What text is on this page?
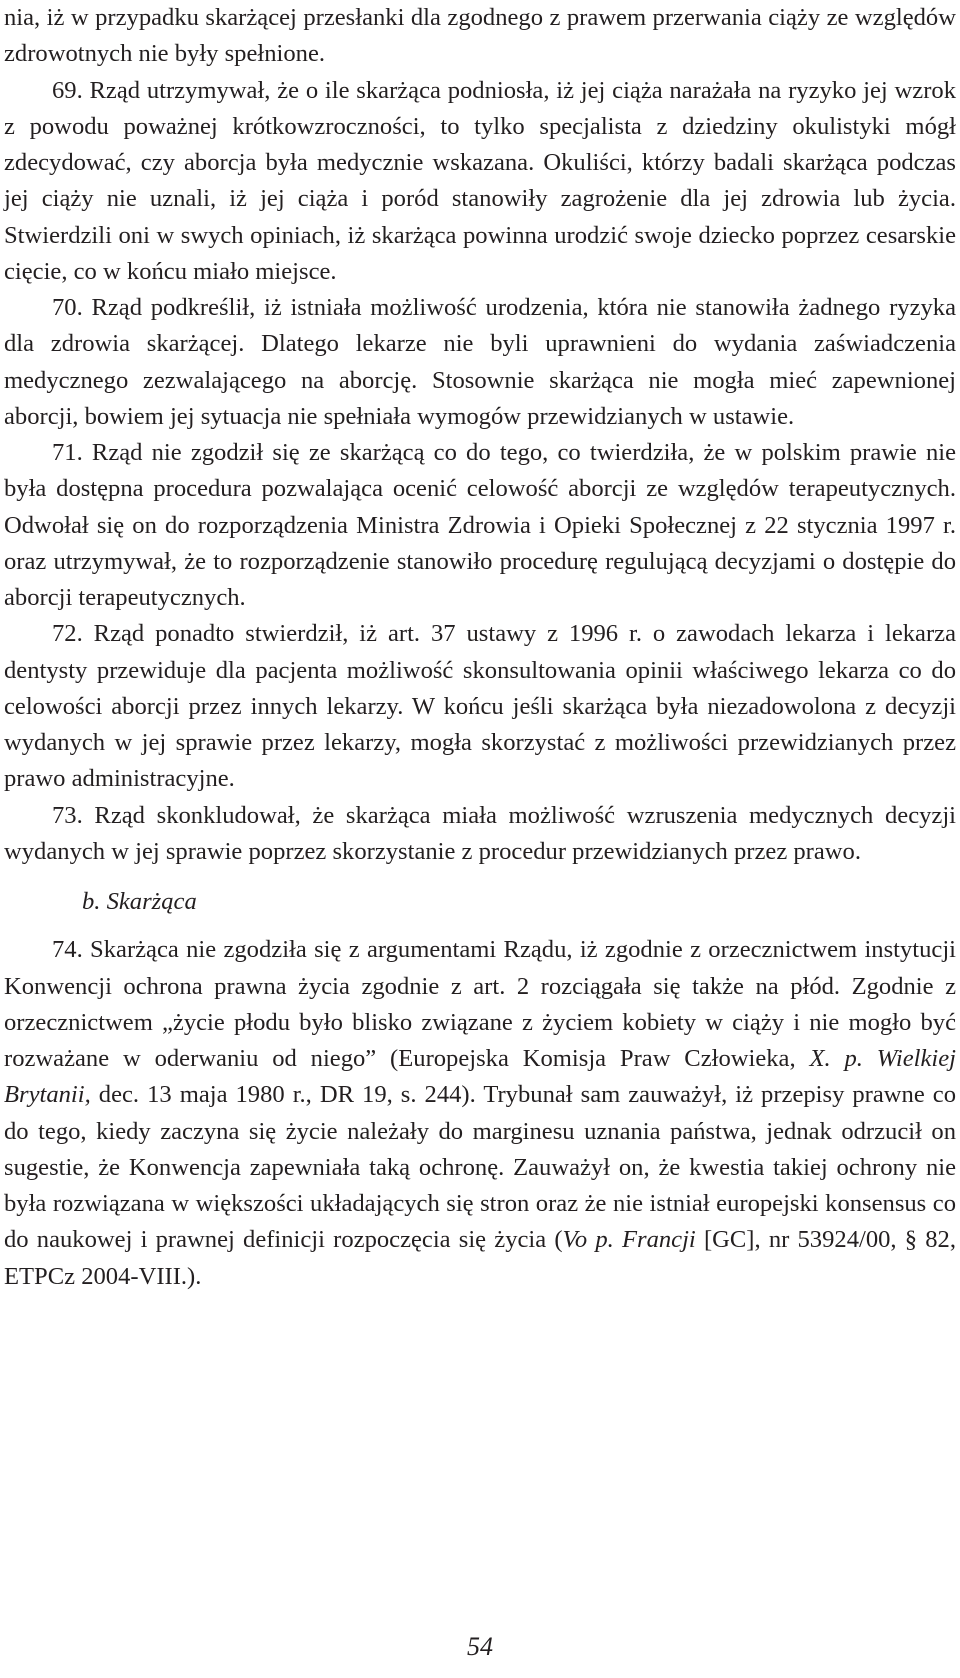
nia, iż w przypadku skarżącej przesłanki dla zgodnego z prawem przerwania ciąży ze względów zdrowotnych nie były spełnione.

69. Rząd utrzymywał, że o ile skarżąca podniosła, iż jej ciąża narażała na ryzyko jej wzrok z powodu poważnej krótkowzroczności, to tylko specjalista z dziedziny okulistyki mógł zdecydować, czy aborcja była medycznie wskazana. Okuliści, którzy badali skarżąca podczas jej ciąży nie uznali, iż jej ciąża i poród stanowiły zagrożenie dla jej zdrowia lub życia. Stwierdzili oni w swych opiniach, iż skarżąca powinna urodzić swoje dziecko poprzez cesarskie cięcie, co w końcu miało miejsce.

70. Rząd podkreślił, iż istniała możliwość urodzenia, która nie stanowiła żadnego ryzyka dla zdrowia skarżącej. Dlatego lekarze nie byli uprawnieni do wydania zaświadczenia medycznego zezwalającego na aborcję. Stosownie skarżąca nie mogła mieć zapewnionej aborcji, bowiem jej sytuacja nie spełniała wymogów przewidzianych w ustawie.

71. Rząd nie zgodził się ze skarżącą co do tego, co twierdziła, że w polskim prawie nie była dostępna procedura pozwalająca ocenić celowość aborcji ze względów terapeutycznych. Odwołał się on do rozporządzenia Ministra Zdrowia i Opieki Społecznej z 22 stycznia 1997 r. oraz utrzymywał, że to rozporządzenie stanowiło procedurę regulującą decyzjami o dostępie do aborcji terapeutycznych.

72. Rząd ponadto stwierdził, iż art. 37 ustawy z 1996 r. o zawodach lekarza i lekarza dentysty przewiduje dla pacjenta możliwość skonsultowania opinii właściwego lekarza co do celowości aborcji przez innych lekarzy. W końcu jeśli skarżąca była niezadowolona z decyzji wydanych w jej sprawie przez lekarzy, mogła skorzystać z możliwości przewidzianych przez prawo administracyjne.

73. Rząd skonkludował, że skarżąca miała możliwość wzruszenia medycznych decyzji wydanych w jej sprawie poprzez skorzystanie z procedur przewidzianych przez prawo.

b. Skarżąca

74. Skarżąca nie zgodziła się z argumentami Rządu, iż zgodnie z orzecznictwem instytucji Konwencji ochrona prawna życia zgodnie z art. 2 rozciągała się także na płód. Zgodnie z orzecznictwem „życie płodu było blisko związane z życiem kobiety w ciąży i nie mogło być rozważane w oderwaniu od niego” (Europejska Komisja Praw Człowieka, X. p. Wielkiej Brytanii, dec. 13 maja 1980 r., DR 19, s. 244). Trybunał sam zauważył, iż przepisy prawne co do tego, kiedy zaczyna się życie należały do marginesu uznania państwa, jednak odrzucił on sugestie, że Konwencja zapewniała taką ochronę. Zauważył on, że kwestia takiej ochrony nie była rozwiązana w większości układających się stron oraz że nie istniał europejski konsensus co do naukowej i prawnej definicji rozpoczęcia się życia (Vo p. Francji [GC], nr 53924/00, § 82, ETPCz 2004-VIII.).

54
